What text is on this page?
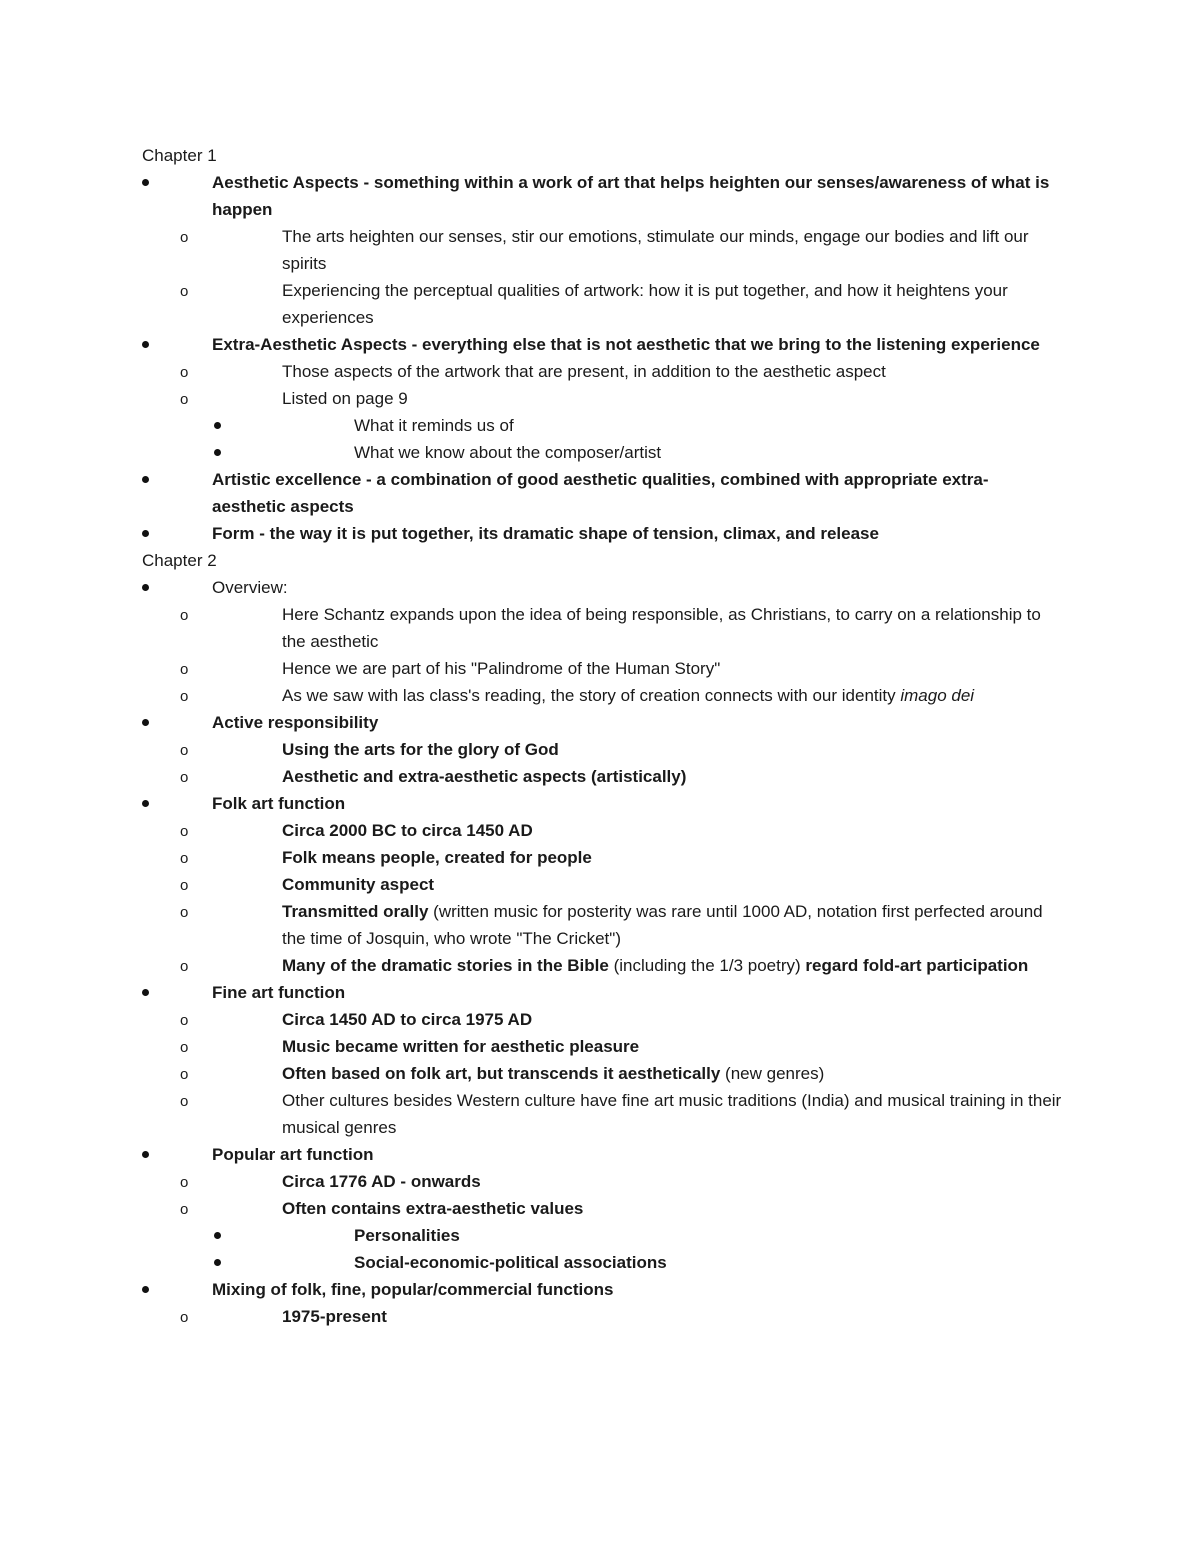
Chapter 1

Aesthetic Aspects - something within a work of art that helps heighten our senses/awareness of what is happen
o	The arts heighten our senses, stir our emotions, stimulate our minds, engage our bodies and lift our spirits
o	Experiencing the perceptual qualities of artwork: how it is put together, and how it heightens your experiences
Extra-Aesthetic Aspects - everything else that is not aesthetic that we bring to the listening experience
o	Those aspects of the artwork that are present, in addition to the aesthetic aspect
o	Listed on page 9
What it reminds us of
What we know about the composer/artist
Artistic excellence - a combination of good aesthetic qualities, combined with appropriate extra-aesthetic aspects
Form - the way it is put together, its dramatic shape of tension, climax, and release

Chapter 2

Overview:
o	Here Schantz expands upon the idea of being responsible, as Christians, to carry on a relationship to the aesthetic
o	Hence we are part of his "Palindrome of the Human Story"
o	As we saw with las class's reading, the story of creation connects with our identity imago dei
Active responsibility
o	Using the arts for the glory of God
o	Aesthetic and extra-aesthetic aspects (artistically)
Folk art function
o	Circa 2000 BC to circa 1450 AD
o	Folk means people, created for people
o	Community aspect
o	Transmitted orally (written music for posterity was rare until 1000 AD, notation first perfected around the time of Josquin, who wrote "The Cricket")
o	Many of the dramatic stories in the Bible (including the 1/3 poetry) regard fold-art participation
Fine art function
o	Circa 1450 AD to circa 1975 AD
o	Music became written for aesthetic pleasure
o	Often based on folk art, but transcends it aesthetically (new genres)
o	Other cultures besides Western culture have fine art music traditions (India) and musical training in their musical genres
Popular art function
o	Circa 1776 AD - onwards
o	Often contains extra-aesthetic values
Personalities
Social-economic-political associations
Mixing of folk, fine, popular/commercial functions
o	1975-present
